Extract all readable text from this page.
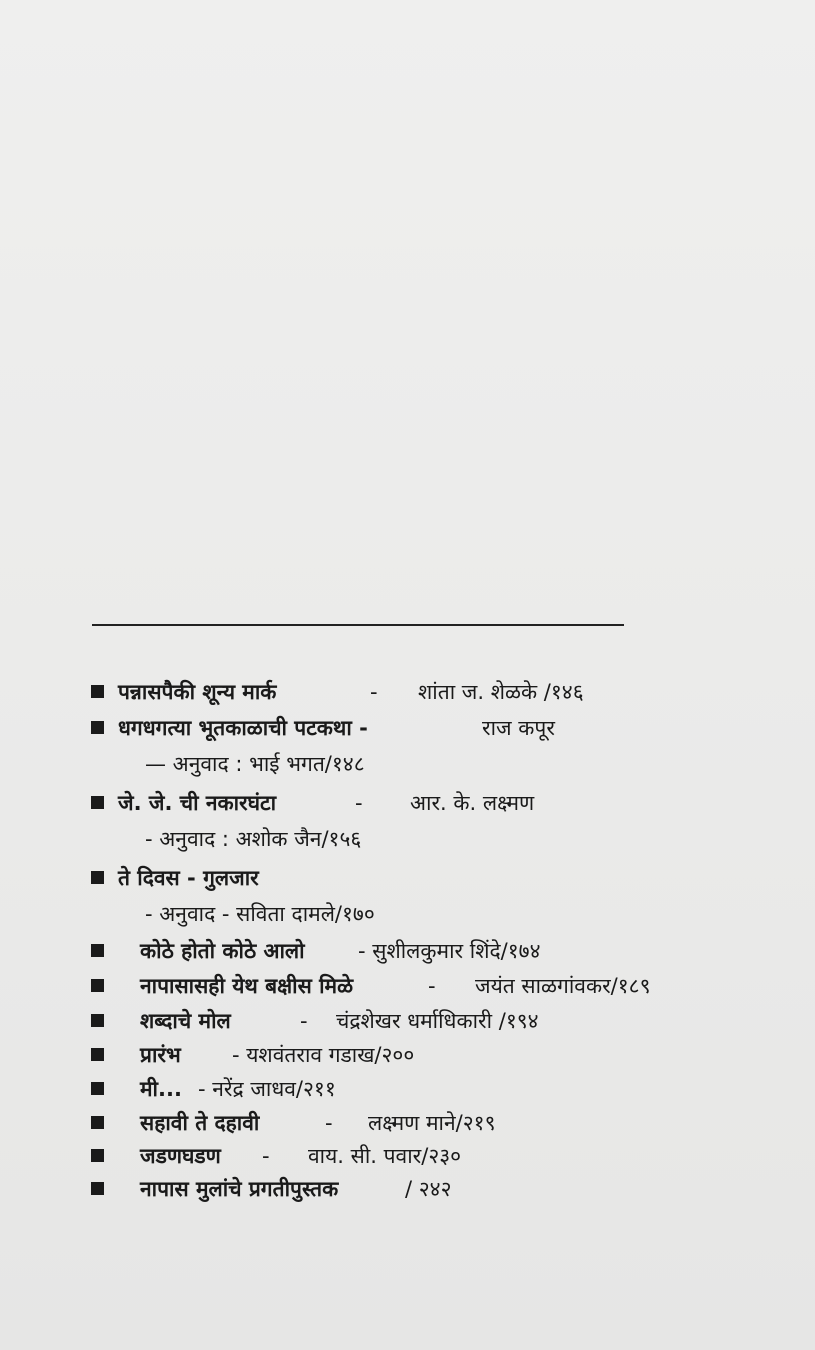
पन्नासपैकी शून्य मार्क	- शांता ज. शेळके /१४६
धगधगत्या भूतकाळाची पटकथा -	राज कपूर
— अनुवाद : भाई भगत/१४८
जे. जे. ची नकारघंटा	- आर. के. लक्ष्मण
- अनुवाद : अशोक जैन/१५६
ते दिवस - गुलजार
- अनुवाद - सविता दामले/१७०
कोठे होतो कोठे आलो	- सुशीलकुमार शिंदे/१७४
नापासासही येथ बक्षीस मिळे	- जयंत साळगांवकर/१८९
शब्दाचे मोल	- चंद्रशेखर धर्माधिकारी /१९४
प्रारंभ - यशवंतराव गडाख/२००
मी... - नरेंद्र जाधव/२११
सहावी ते दहावी	- लक्ष्मण माने/२१९
जडणघडण - वाय. सी. पवार/२३०
नापास मुलांचे प्रगतीपुस्तक	/ २४२
